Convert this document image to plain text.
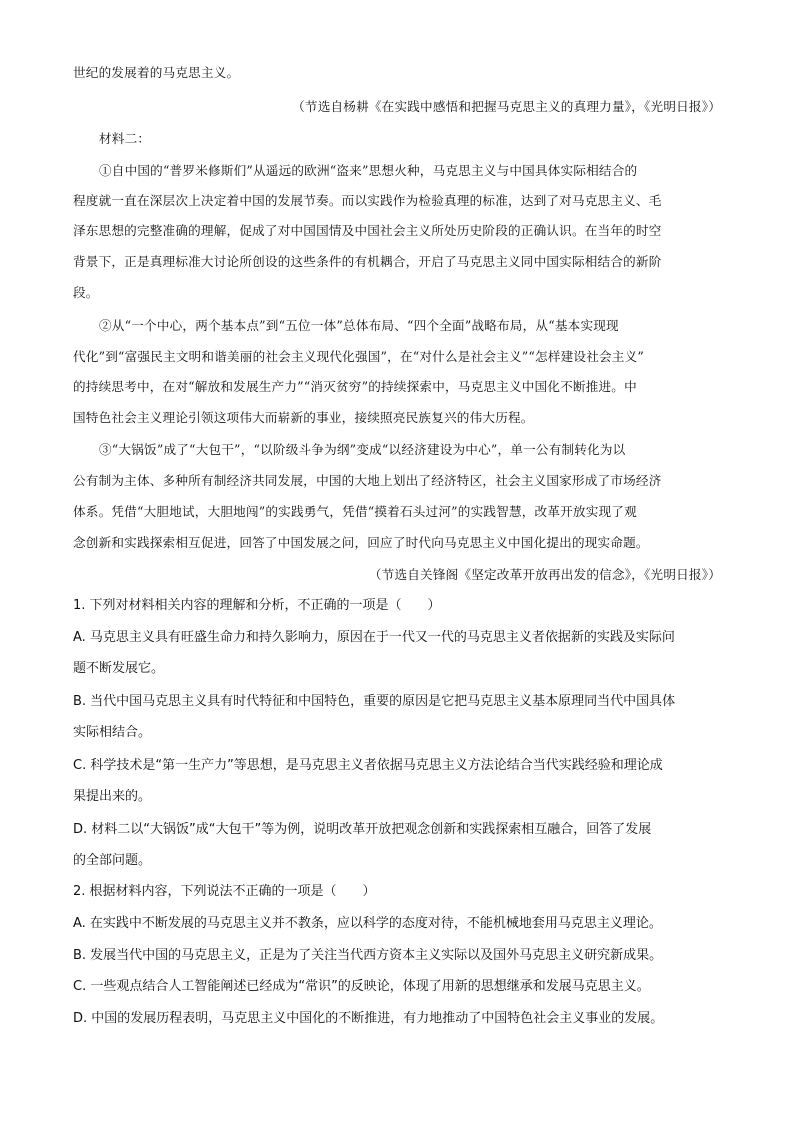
世纪的发展着的马克思主义。
（节选自杨耕《在实践中感悟和把握马克思主义的真理力量》，《光明日报》）
材料二：
①自中国的“普罗米修斯们”从遥远的欧洲“盗来”思想火种，马克思主义与中国具体实际相结合的
程度就一直在深层次上决定着中国的发展节奏。而以实践作为检验真理的标准，达到了对马克思主义、毛
泽东思想的完整准确的理解，促成了对中国国情及中国社会主义所处历史阶段的正确认识。在当年的时空
背景下，正是真理标准大讨论所创设的这些条件的有机耦合，开启了马克思主义同中国实际相结合的新阶
段。
②从“一个中心，两个基本点”到“五位一体”总体布局、“四个全面”战略布局，从“基本实现现
代化”到“富强民主文明和谐美丽的社会主义现代化强国”，在“对什么是社会主义”“怎样建设社会主义”
的持续思考中，在对“解放和发展生产力”“消灭贫穷”的持续探索中，马克思主义中国化不断推进。中
国特色社会主义理论引领这项伟大而崭新的事业，接续照亮民族复兴的伟大历程。
③“大锅饭”成了“大包干”，“以阶级斗争为纲”变成“以经济建设为中心”，单一公有制转化为以
公有制为主体、多种所有制经济共同发展，中国的大地上划出了经济特区，社会主义国家形成了市场经济
体系。凭借“大胆地试，大胆地闯”的实践勇气，凭借“摸着石头过河”的实践智慧，改革开放实现了观
念创新和实践探索相互促进，回答了中国发展之问，回应了时代向马克思主义中国化提出的现实命题。
（节选自关锋阁《坚定改革开放再出发的信念》，《光明日报》）
1. 下列对材料相关内容的理解和分析，不正确的一项是（　　）
A. 马克思主义具有旺盛生命力和持久影响力，原因在于一代又一代的马克思主义者依据新的实践及实际问
题不断发展它。
B. 当代中国马克思主义具有时代特征和中国特色，重要的原因是它把马克思主义基本原理同当代中国具体
实际相结合。
C. 科学技术是“第一生产力”等思想，是马克思主义者依据马克思主义方法论结合当代实践经验和理论成
果提出来的。
D. 材料二以“大锅饭”成“大包干”等为例，说明改革开放把观念创新和实践探索相互融合，回答了发展
的全部问题。
2. 根据材料内容，下列说法不正确的一项是（　　）
A. 在实践中不断发展的马克思主义并不教条，应以科学的态度对待，不能机械地套用马克思主义理论。
B. 发展当代中国的马克思主义，正是为了关注当代西方资本主义实际以及国外马克思主义研究新成果。
C. 一些观点结合人工智能阐述已经成为“常识”的反映论，体现了用新的思想继承和发展马克思主义。
D. 中国的发展历程表明，马克思主义中国化的不断推进，有力地推动了中国特色社会主义事业的发展。
